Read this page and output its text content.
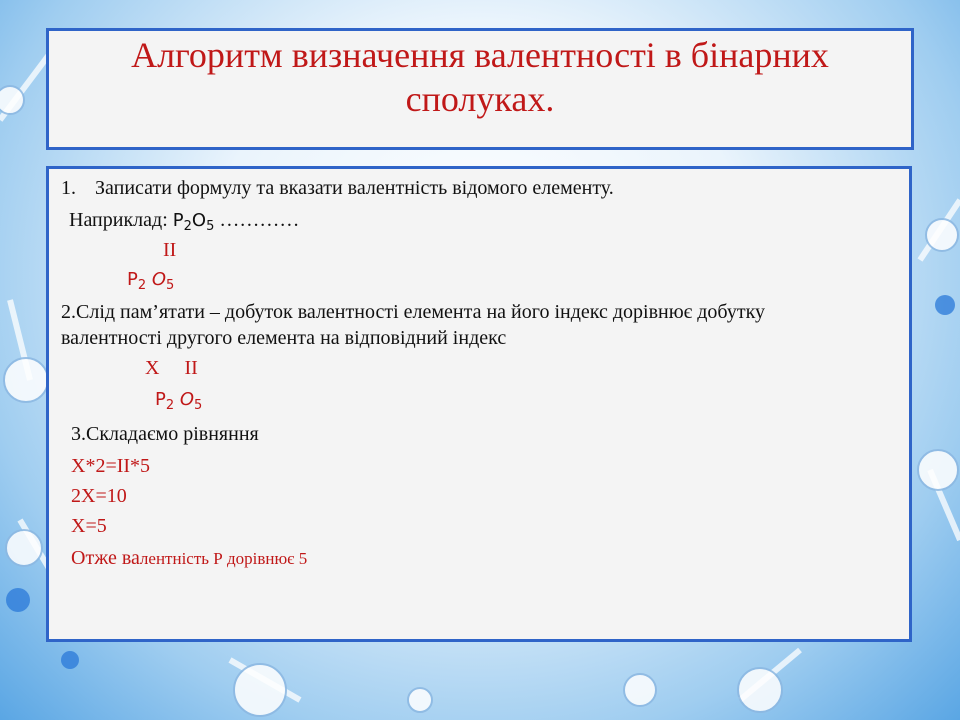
Алгоритм визначення валентності в бінарних сполуках.
1. Записати формулу та вказати валентність відомого елементу.
Наприклад: $P_2O_5$ …………
II
$P_2$ $O_5$
2.Слід пам’ятати – добуток валентності елемента на його індекс дорівнює добутку
валентності другого елемента на відповідний індекс
X II
$P_2$ $O_5$
3.Складаємо рівняння
X*2=II*5
2X=10
X=5
Отже валентність Р дорівнює 5
